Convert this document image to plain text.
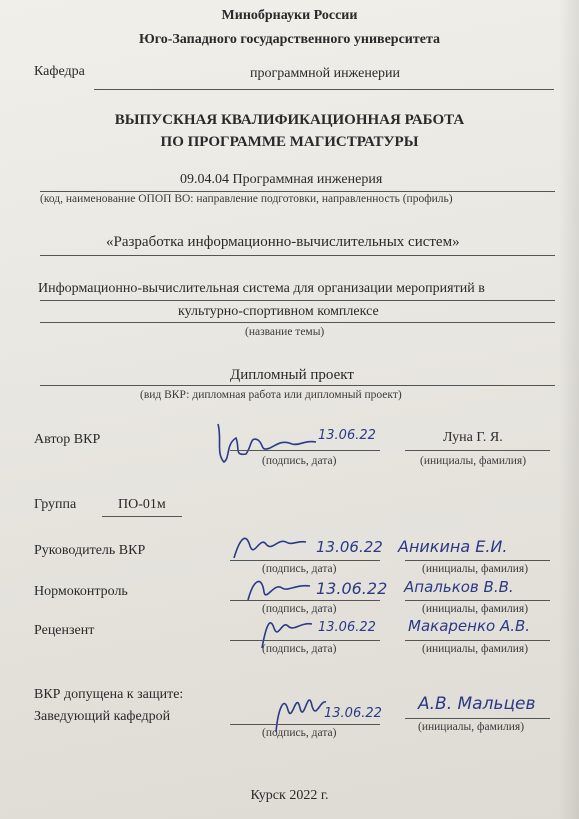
Минобрнауки России
Юго-Западного государственного университета
Кафедра	программной инженерии
ВЫПУСКНАЯ КВАЛИФИКАЦИОННАЯ РАБОТА
ПО ПРОГРАММЕ МАГИСТРАТУРЫ
09.04.04 Программная инженерия
(код, наименование ОПОП ВО: направление подготовки, направленность (профиль)
«Разработка информационно-вычислительных систем»
Информационно-вычислительная система для организации мероприятий в
культурно-спортивном комплексе
(название темы)
Дипломный проект
(вид ВКР: дипломная работа или дипломный проект)
Автор ВКР	13.06.22
(подпись, дата)
Луна Г. Я.
(инициалы, фамилия)
Группа	ПО-01м
Руководитель ВКР	13.06.22
(подпись, дата)
Аникина Е.И.
(инициалы, фамилия)
Нормоконтроль	13.06.22
(подпись, дата)
Апальков В.В.
(инициалы, фамилия)
Рецензент	13.06.22
(подпись, дата)
Макаренко А.В.
(инициалы, фамилия)
ВКР допущена к защите:
Заведующий кафедрой	13.06.22
(подпись, дата)
А.В. Мальцев
(инициалы, фамилия)
Курск 2022 г.
